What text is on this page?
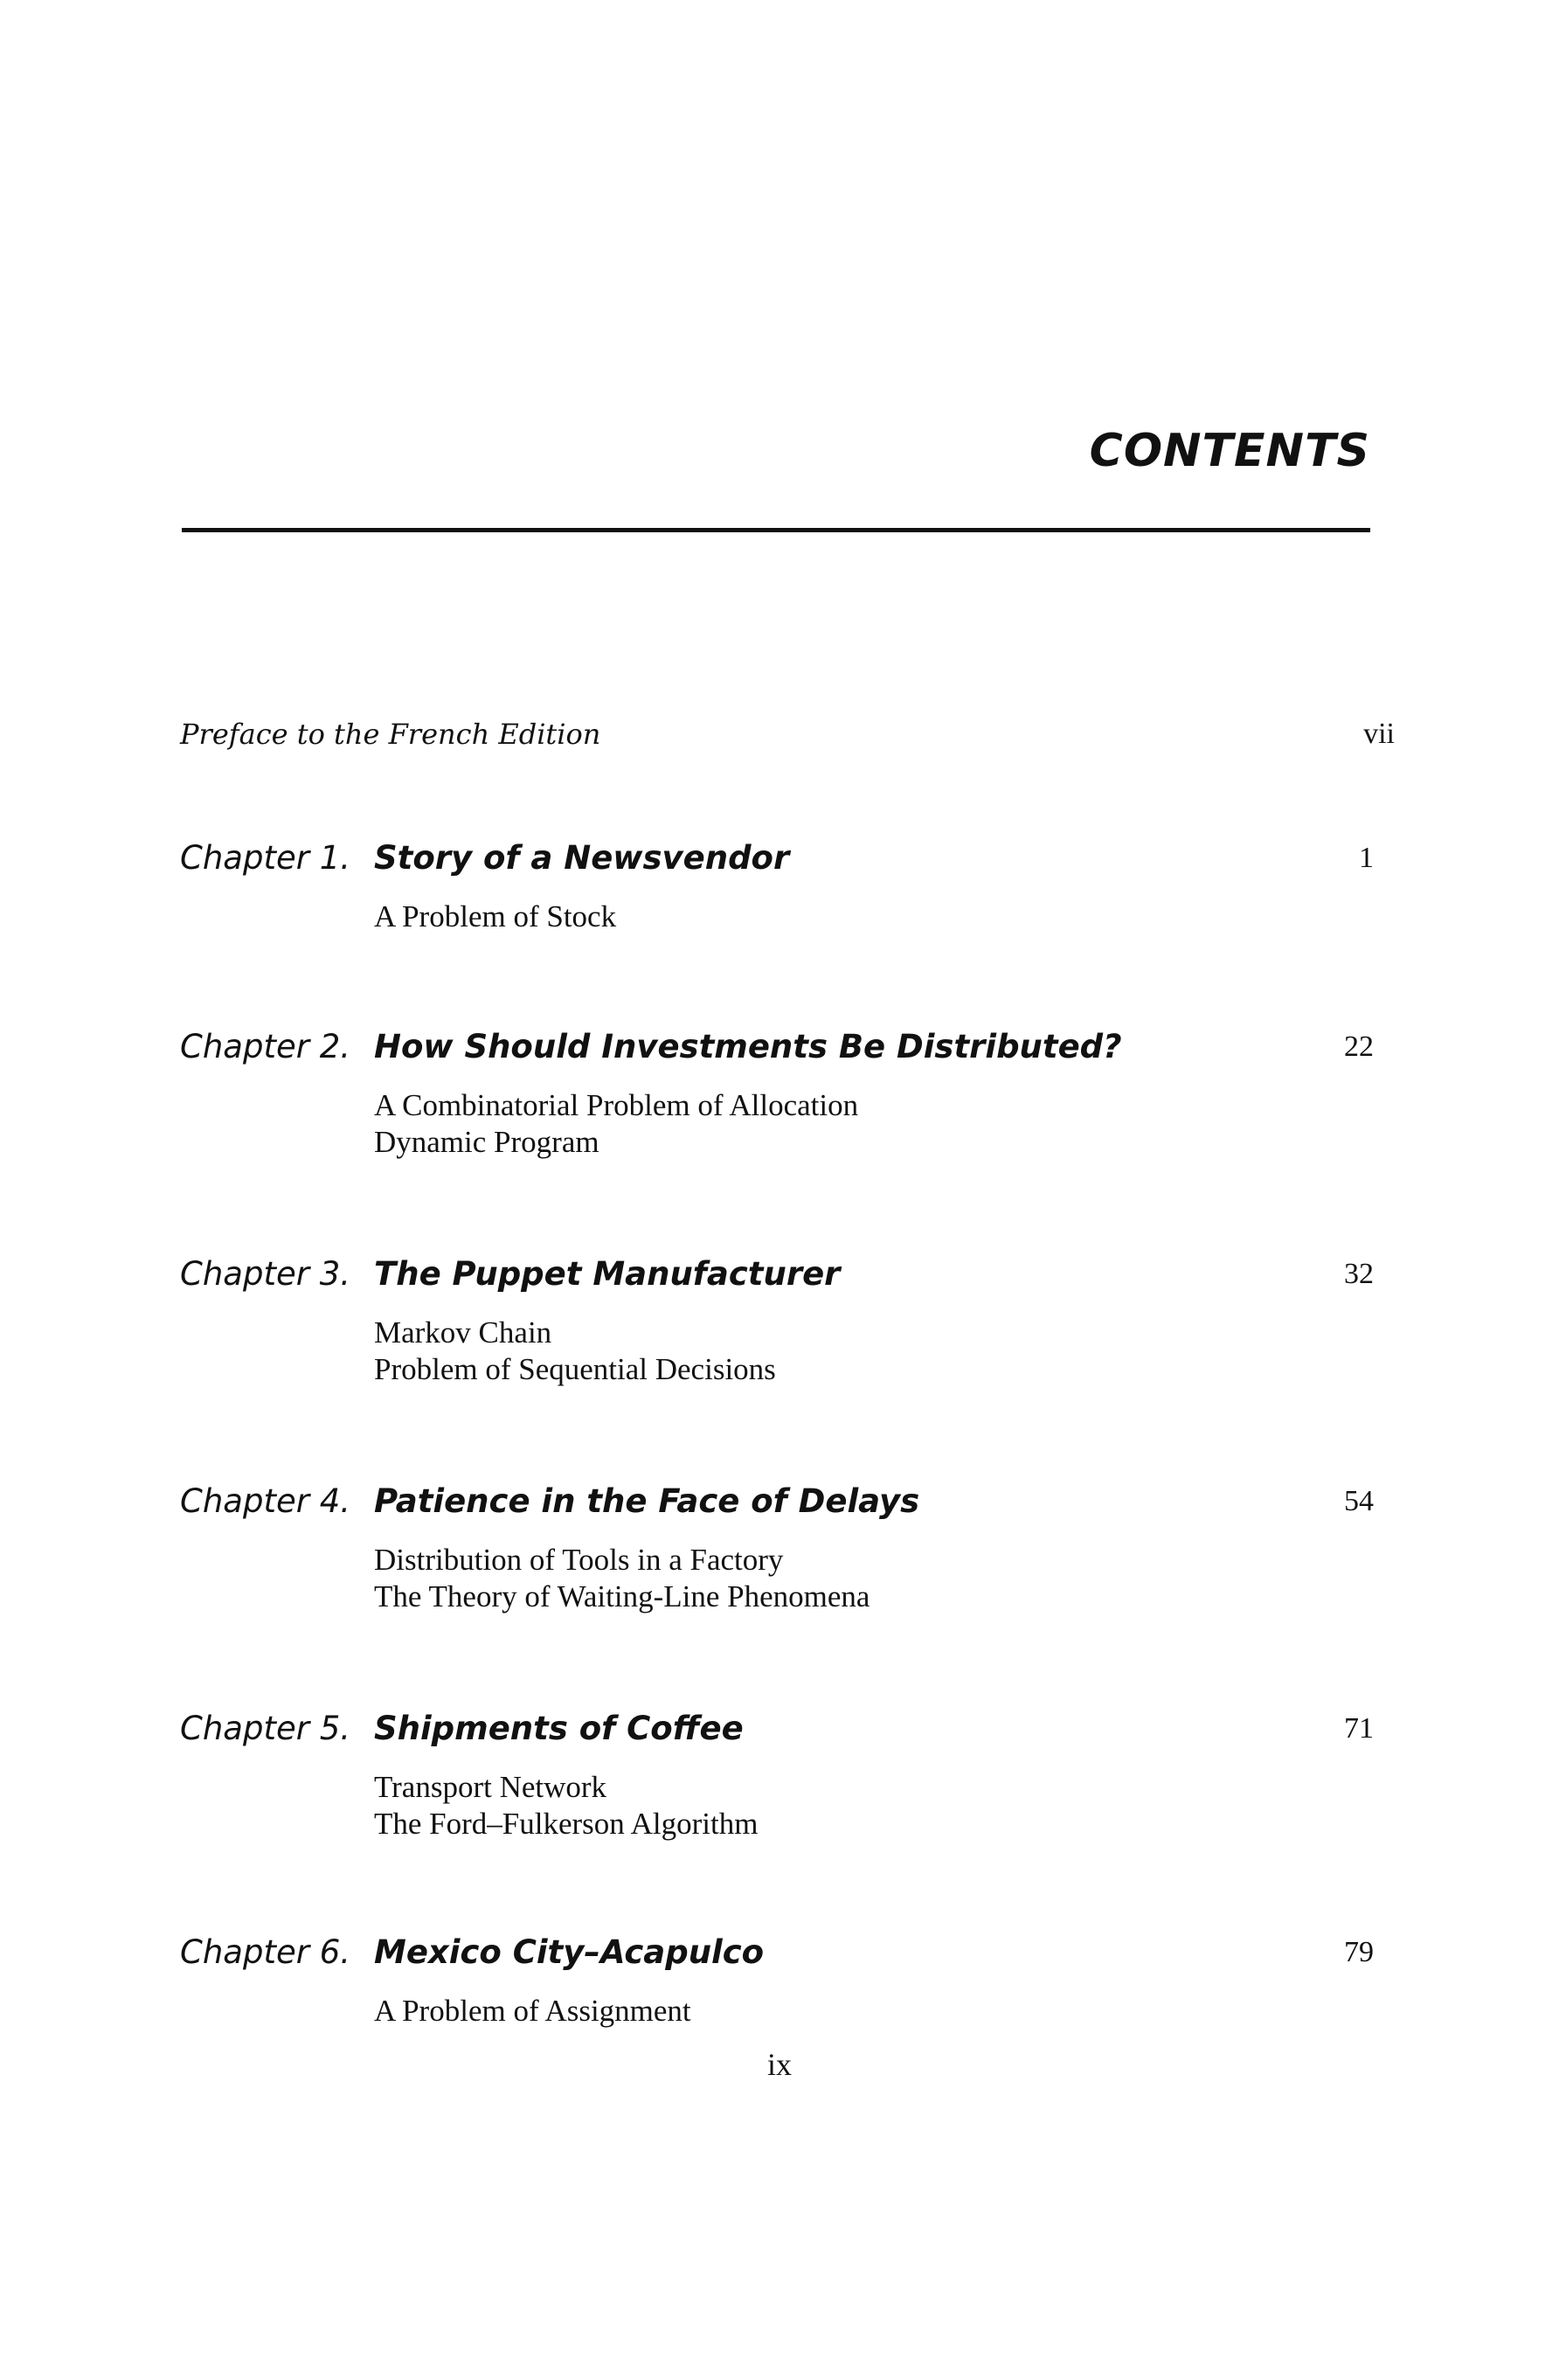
CONTENTS
Preface to the French Edition	vii
Chapter 1. Story of a Newsvendor	1
A Problem of Stock
Chapter 2. How Should Investments Be Distributed?	22
A Combinatorial Problem of Allocation
Dynamic Program
Chapter 3. The Puppet Manufacturer	32
Markov Chain
Problem of Sequential Decisions
Chapter 4. Patience in the Face of Delays	54
Distribution of Tools in a Factory
The Theory of Waiting-Line Phenomena
Chapter 5. Shipments of Coffee	71
Transport Network
The Ford–Fulkerson Algorithm
Chapter 6. Mexico City–Acapulco	79
A Problem of Assignment
ix
